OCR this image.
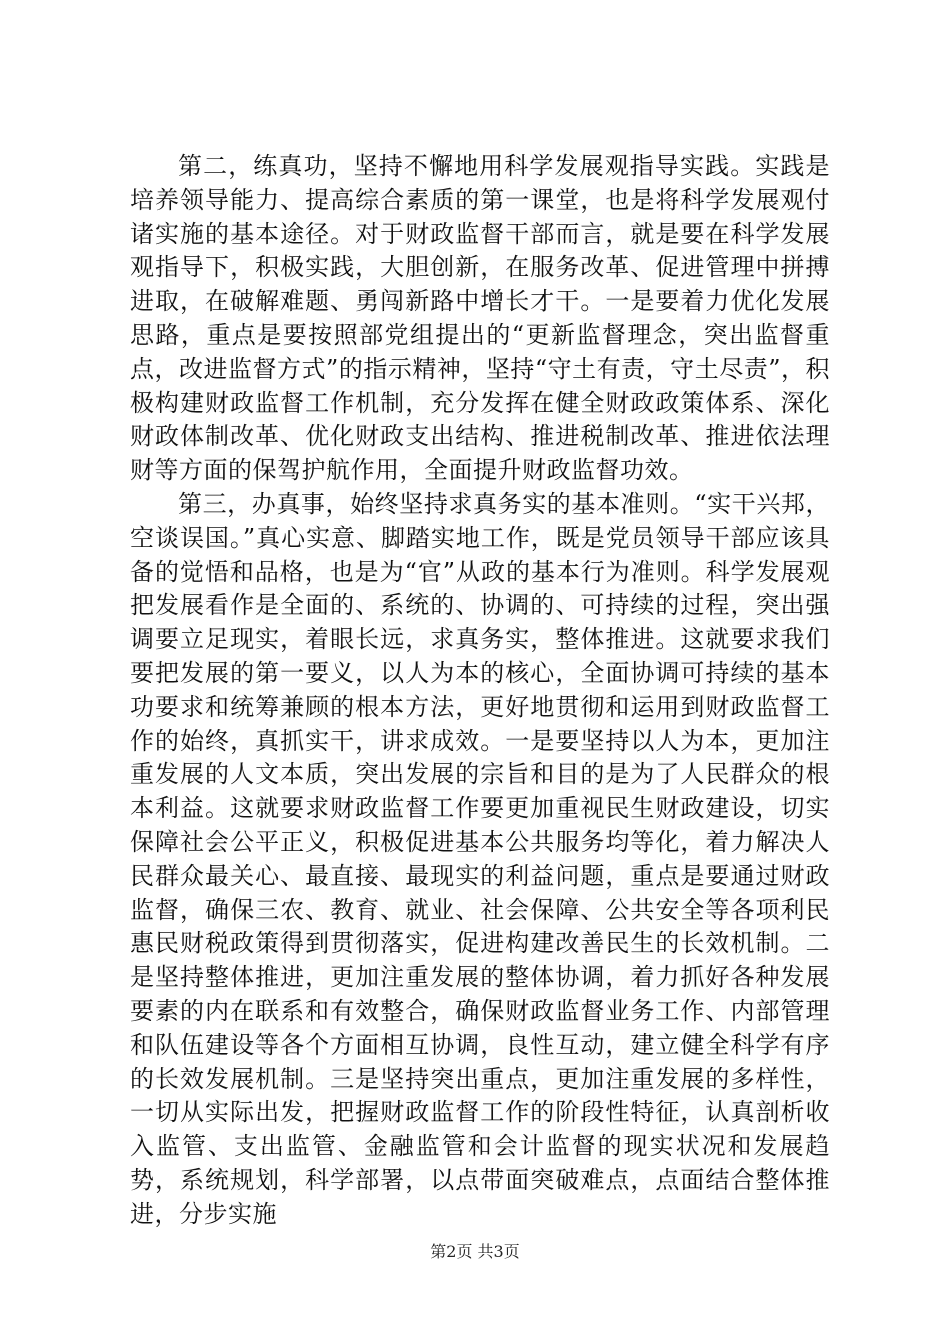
第二，练真功，坚持不懈地用科学发展观指导实践。实践是培养领导能力、提高综合素质的第一课堂，也是将科学发展观付诸实施的基本途径。对于财政监督干部而言，就是要在科学发展观指导下，积极实践，大胆创新，在服务改革、促进管理中拼搏进取，在破解难题、勇闯新路中增长才干。一是要着力优化发展思路，重点是要按照部党组提出的“更新监督理念，突出监督重点，改进监督方式”的指示精神，坚持“守土有责，守土尽责”，积极构建财政监督工作机制，充分发挥在健全财政政策体系、深化财政体制改革、优化财政支出结构、推进税制改革、推进依法理财等方面的保驾护航作用，全面提升财政监督功效。

第三，办真事，始终坚持求真务实的基本准则。“实干兴邦，空谈误国。”真心实意、脚踏实地工作，既是党员领导干部应该具备的觉悟和品格，也是为“官”从政的基本行为准则。科学发展观把发展看作是全面的、系统的、协调的、可持续的过程，突出强调要立足现实，着眼长远，求真务实，整体推进。这就要求我们要把发展的第一要义，以人为本的核心，全面协调可持续的基本功要求和统筹兼顾的根本方法，更好地贯彻和运用到财政监督工作的始终，真抓实干，讲求成效。一是要坚持以人为本，更加注重发展的人文本质，突出发展的宗旨和目的是为了人民群众的根本利益。这就要求财政监督工作要更加重视民生财政建设，切实保障社会公平正义，积极促进基本公共服务均等化，着力解决人民群众最关心、最直接、最现实的利益问题，重点是要通过财政监督，确保三农、教育、就业、社会保障、公共安全等各项利民惠民财税政策得到贯彻落实，促进构建改善民生的长效机制。二是坚持整体推进，更加注重发展的整体协调，着力抓好各种发展要素的内在联系和有效整合，确保财政监督业务工作、内部管理和队伍建设等各个方面相互协调，良性互动，建立健全科学有序的长效发展机制。三是坚持突出重点，更加注重发展的多样性，一切从实际出发，把握财政监督工作的阶段性特征，认真剖析收入监管、支出监管、金融监管和会计监督的现实状况和发展趋势，系统规划，科学部署，以点带面突破难点，点面结合整体推进，分步实施

第2页 共3页
